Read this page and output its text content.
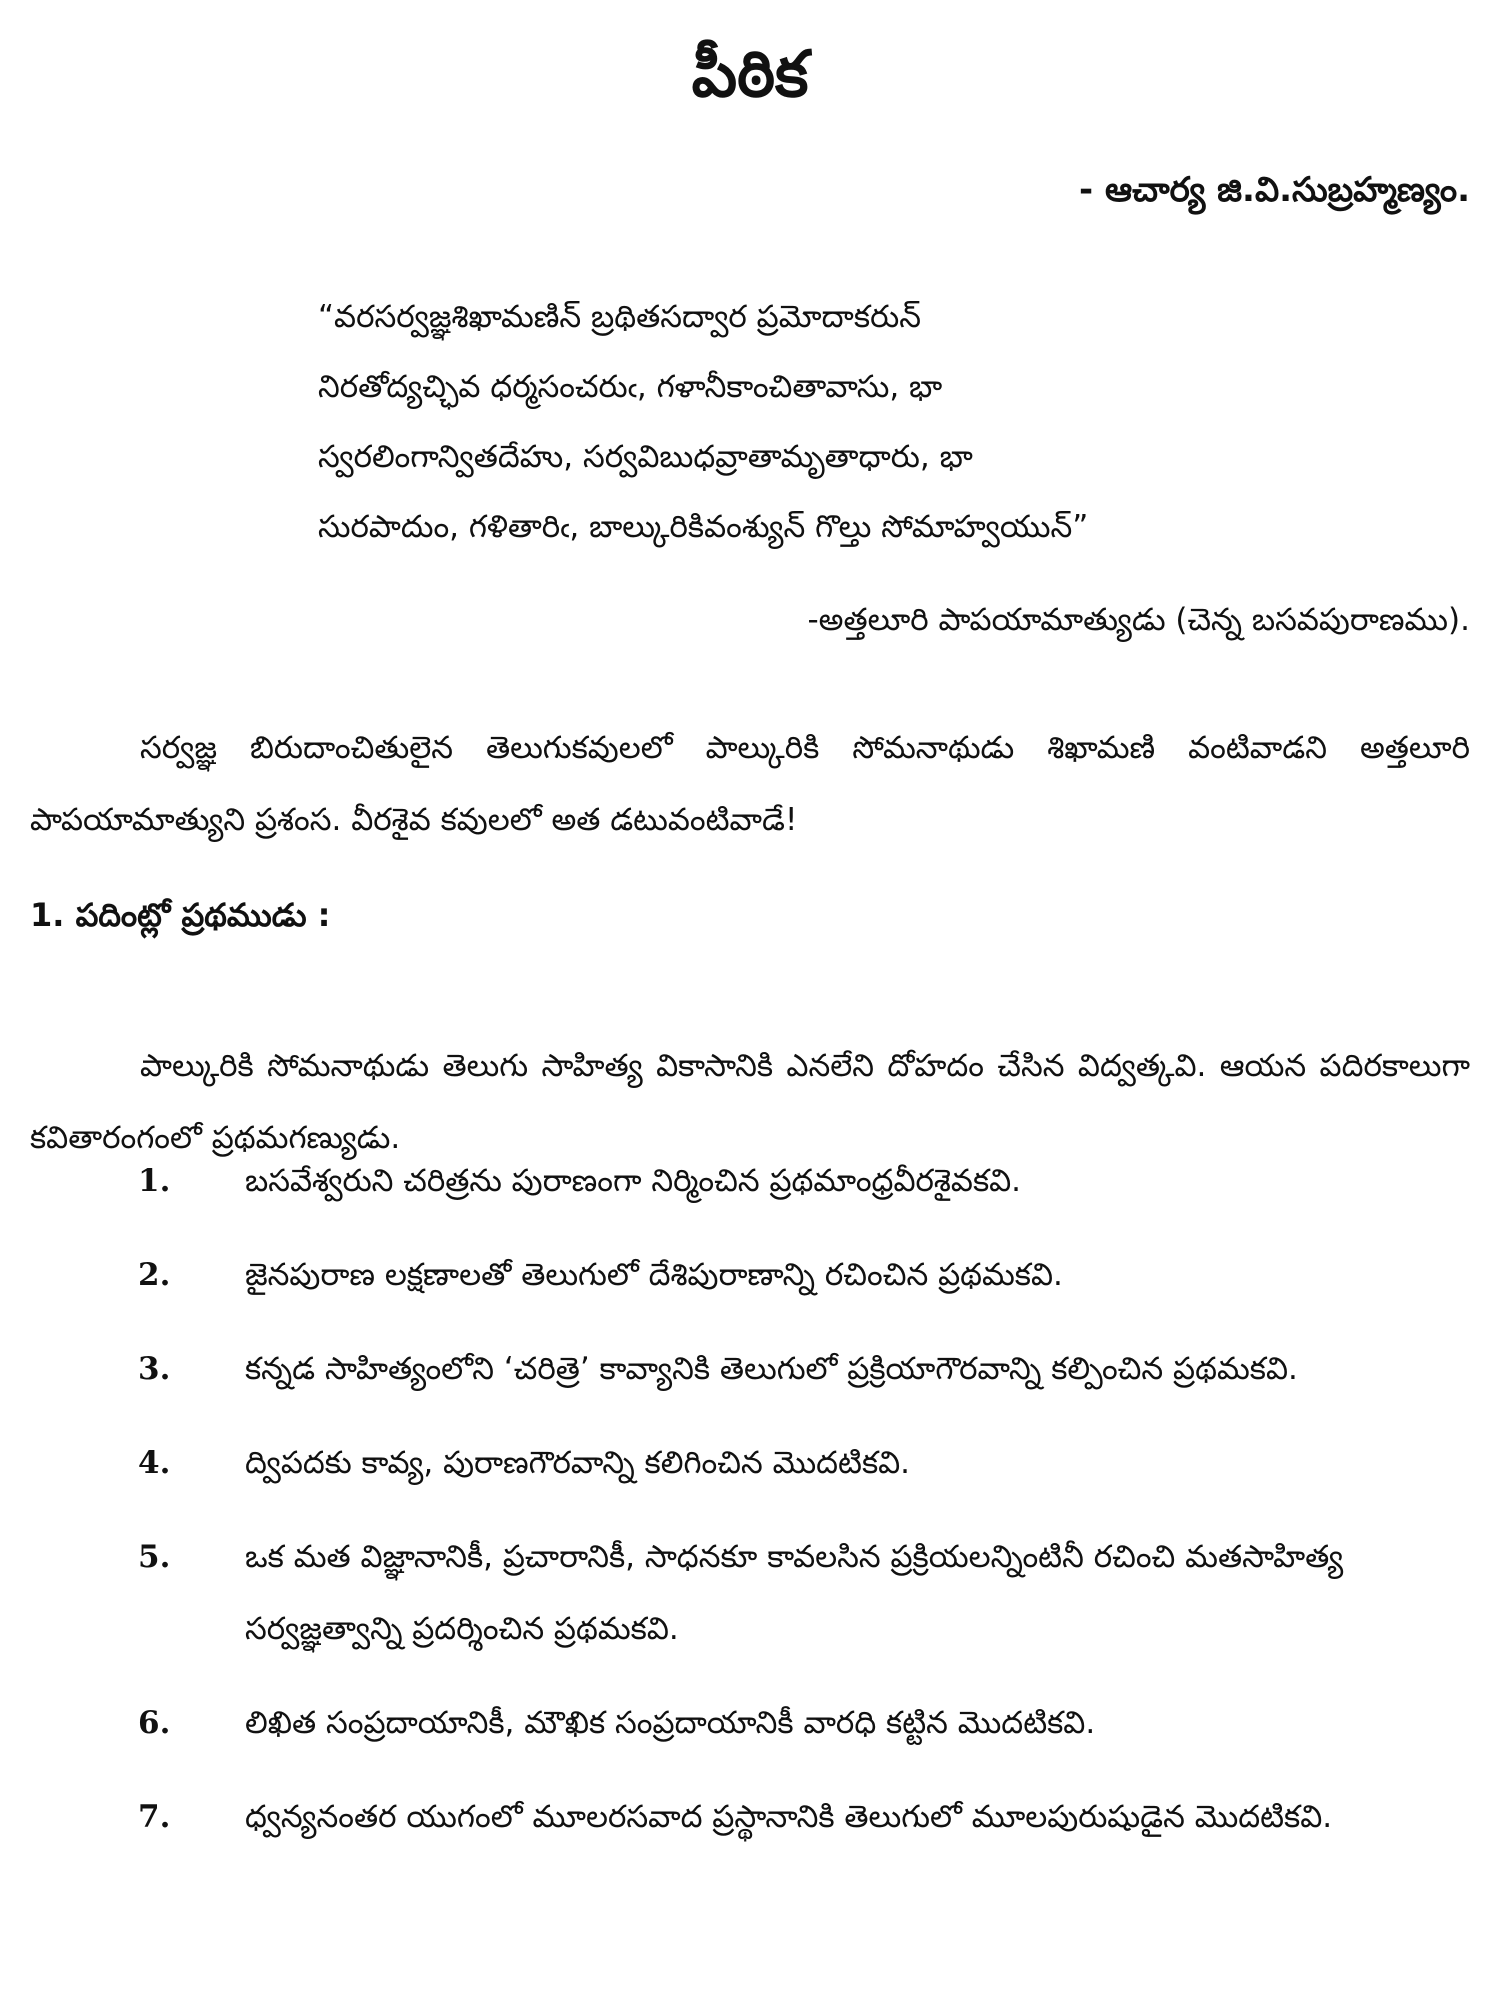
పీఠిక
- ఆచార్య జి.వి.సుబ్రహ్మణ్యం.
“వరసర్వజ్ఞశిఖామణిన్ బ్రథితసద్వార ప్రమోదాకరున్
నిరతోద్యచ్ఛివ ధర్మసంచరుఁ, గళానీకాంచితావాసు, భా
స్వరలింగాన్వితదేహు, సర్వవిబుధవ్రాతామృతాధారు, భా
సురపాదుం, గళితారిఁ, బాల్కురికివంశ్యున్ గొల్తు సోమాహ్వయున్”
-అత్తలూరి పాపయామాత్యుడు (చెన్న బసవపురాణము).
సర్వజ్ఞ బిరుదాంచితులైన తెలుగుకవులలో పాల్కురికి సోమనాథుడు శిఖామణి వంటివాడని అత్తలూరి పాపయామాత్యుని ప్రశంస. వీరశైవ కవులలో అత డటువంటివాడే!
1. పదింట్లో ప్రథముడు :
పాల్కురికి సోమనాథుడు తెలుగు సాహిత్య వికాసానికి ఎనలేని దోహదం చేసిన విద్వత్కవి. ఆయన పదిరకాలుగా కవితారంగంలో ప్రథమగణ్యుడు.
1. బసవేశ్వరుని చరిత్రను పురాణంగా నిర్మించిన ప్రథమాంధ్రవీరశైవకవి.
2. జైనపురాణ లక్షణాలతో తెలుగులో దేశిపురాణాన్ని రచించిన ప్రథమకవి.
3. కన్నడ సాహిత్యంలోని ‘చరిత్రె’ కావ్యానికి తెలుగులో ప్రక్రియాగౌరవాన్ని కల్పించిన ప్రథమకవి.
4. ద్విపదకు కావ్య, పురాణగౌరవాన్ని కలిగించిన మొదటికవి.
5. ఒక మత విజ్ఞానానికీ, ప్రచారానికీ, సాధనకూ కావలసిన ప్రక్రియలన్నింటినీ రచించి మతసాహిత్య సర్వజ్ఞత్వాన్ని ప్రదర్శించిన ప్రథమకవి.
6. లిఖిత సంప్రదాయానికీ, మౌఖిక సంప్రదాయానికీ వారధి కట్టిన మొదటికవి.
7. ధ్వన్యనంతర యుగంలో మూలరసవాద ప్రస్థానానికి తెలుగులో మూలపురుషుడైన మొదటికవి.
